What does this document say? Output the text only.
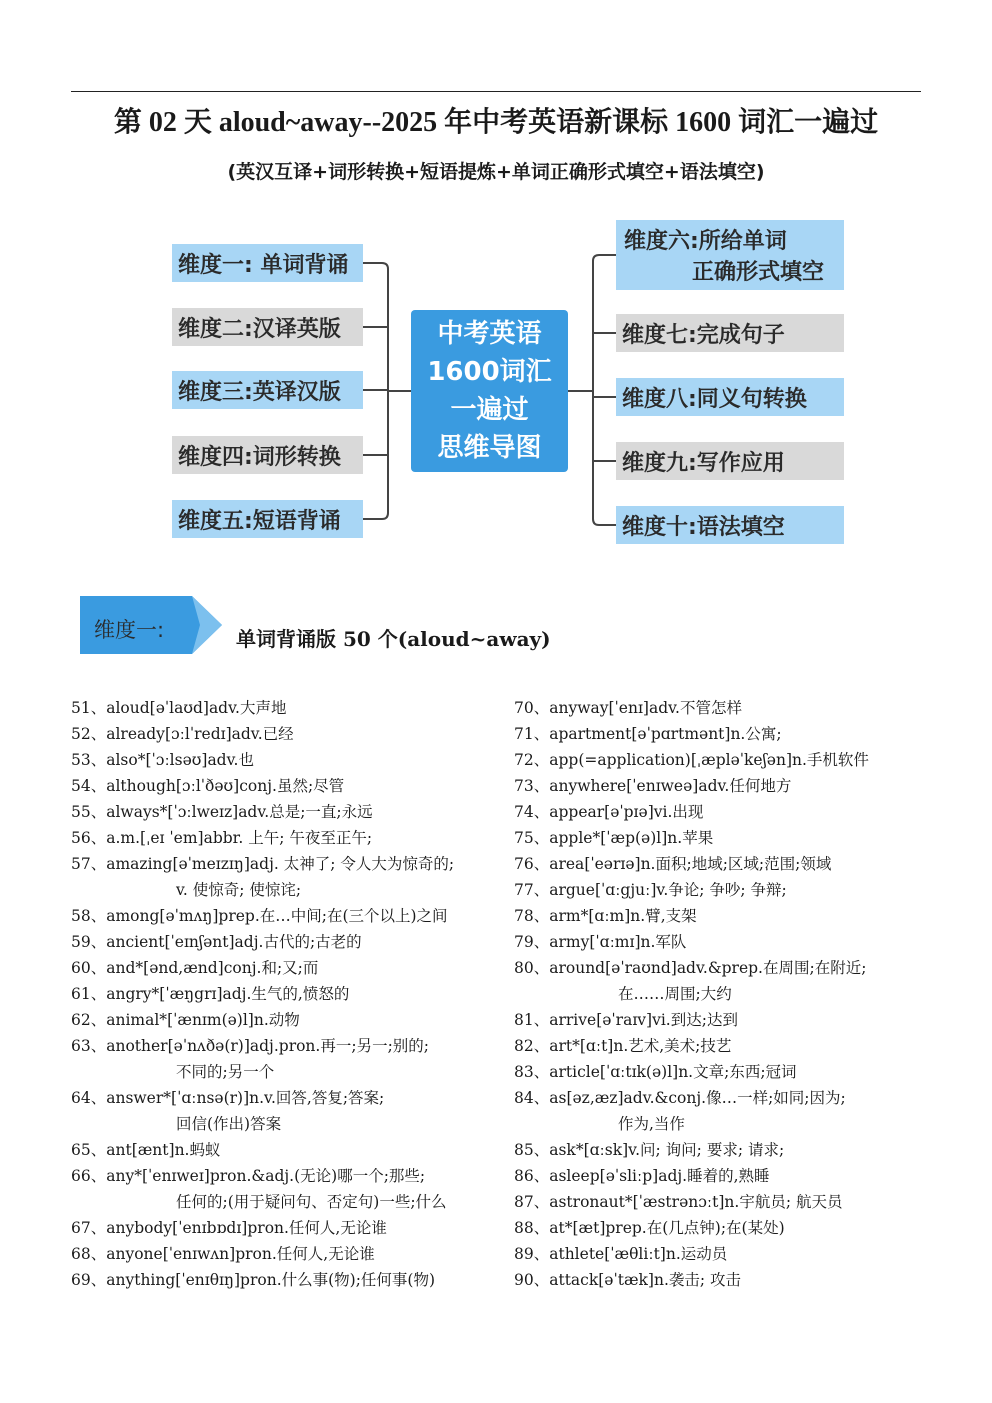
第 02 天 aloud~away--2025 年中考英语新课标 1600 词汇一遍过
(英汉互译+词形转换+短语提炼+单词正确形式填空+语法填空)
维度一: 单词背诵
维度二:汉译英版
维度三:英译汉版
维度四:词形转换
维度五:短语背诵
中考英语
1600词汇
一遍过
思维导图
维度六:所给单词
正确形式填空
维度七:完成句子
维度八:同义句转换
维度九:写作应用
维度十:语法填空
维度一:	单词背诵版 50 个(aloud~away)
51、aloud[əˈlaʊd]adv.大声地
52、already[ɔːlˈredɪ]adv.已经
53、also*[ˈɔːlsəʊ]adv.也
54、although[ɔːlˈðəʊ]conj.虽然;尽管
55、always*[ˈɔːlweɪz]adv.总是;一直;永远
56、a.m.[ˌeɪ ˈem]abbr. 上午; 午夜至正午;
57、amazing[əˈmeɪzɪŋ]adj. 太神了; 令人大为惊奇的;
v. 使惊奇; 使惊诧;
58、among[əˈmʌŋ]prep.在…中间;在(三个以上)之间
59、ancient[ˈeɪnʃənt]adj.古代的;古老的
60、and*[ənd,ænd]conj.和;又;而
61、angry*[ˈæŋgrɪ]adj.生气的,愤怒的
62、animal*[ˈænɪm(ə)l]n.动物
63、another[əˈnʌðə(r)]adj.pron.再一;另一;别的;
不同的;另一个
64、answer*[ˈɑːnsə(r)]n.v.回答,答复;答案;
回信(作出)答案
65、ant[ænt]n.蚂蚁
66、any*[ˈenɪweɪ]pron.&adj.(无论)哪一个;那些;
任何的;(用于疑问句、否定句)一些;什么
67、anybody[ˈenɪbɒdɪ]pron.任何人,无论谁
68、anyone[ˈenɪwʌn]pron.任何人,无论谁
69、anything[ˈenɪθɪŋ]pron.什么事(物);任何事(物)
70、anyway[ˈenɪ]adv.不管怎样
71、apartment[əˈpɑrtmənt]n.公寓;
72、app(=application)[ˌæpləˈkeʃən]n.手机软件
73、anywhere[ˈenɪweə]adv.任何地方
74、appear[əˈpɪə]vi.出现
75、apple*[ˈæp(ə)l]n.苹果
76、area[ˈeərɪə]n.面积;地域;区域;范围;领域
77、argue[ˈɑːgjuː]v.争论; 争吵; 争辩;
78、arm*[ɑːm]n.臂,支架
79、army[ˈɑːmɪ]n.军队
80、around[əˈraʊnd]adv.&prep.在周围;在附近;
在……周围;大约
81、arrive[əˈraɪv]vi.到达;达到
82、art*[ɑːt]n.艺术,美术;技艺
83、article[ˈɑːtɪk(ə)l]n.文章;东西;冠词
84、as[əz,æz]adv.&conj.像…一样;如同;因为;
作为,当作
85、ask*[ɑːsk]v.问; 询问; 要求; 请求;
86、asleep[əˈsliːp]adj.睡着的,熟睡
87、astronaut*[ˈæstrənɔːt]n.宇航员; 航天员
88、at*[æt]prep.在(几点钟);在(某处)
89、athlete[ˈæθliːt]n.运动员
90、attack[əˈtæk]n.袭击; 攻击
